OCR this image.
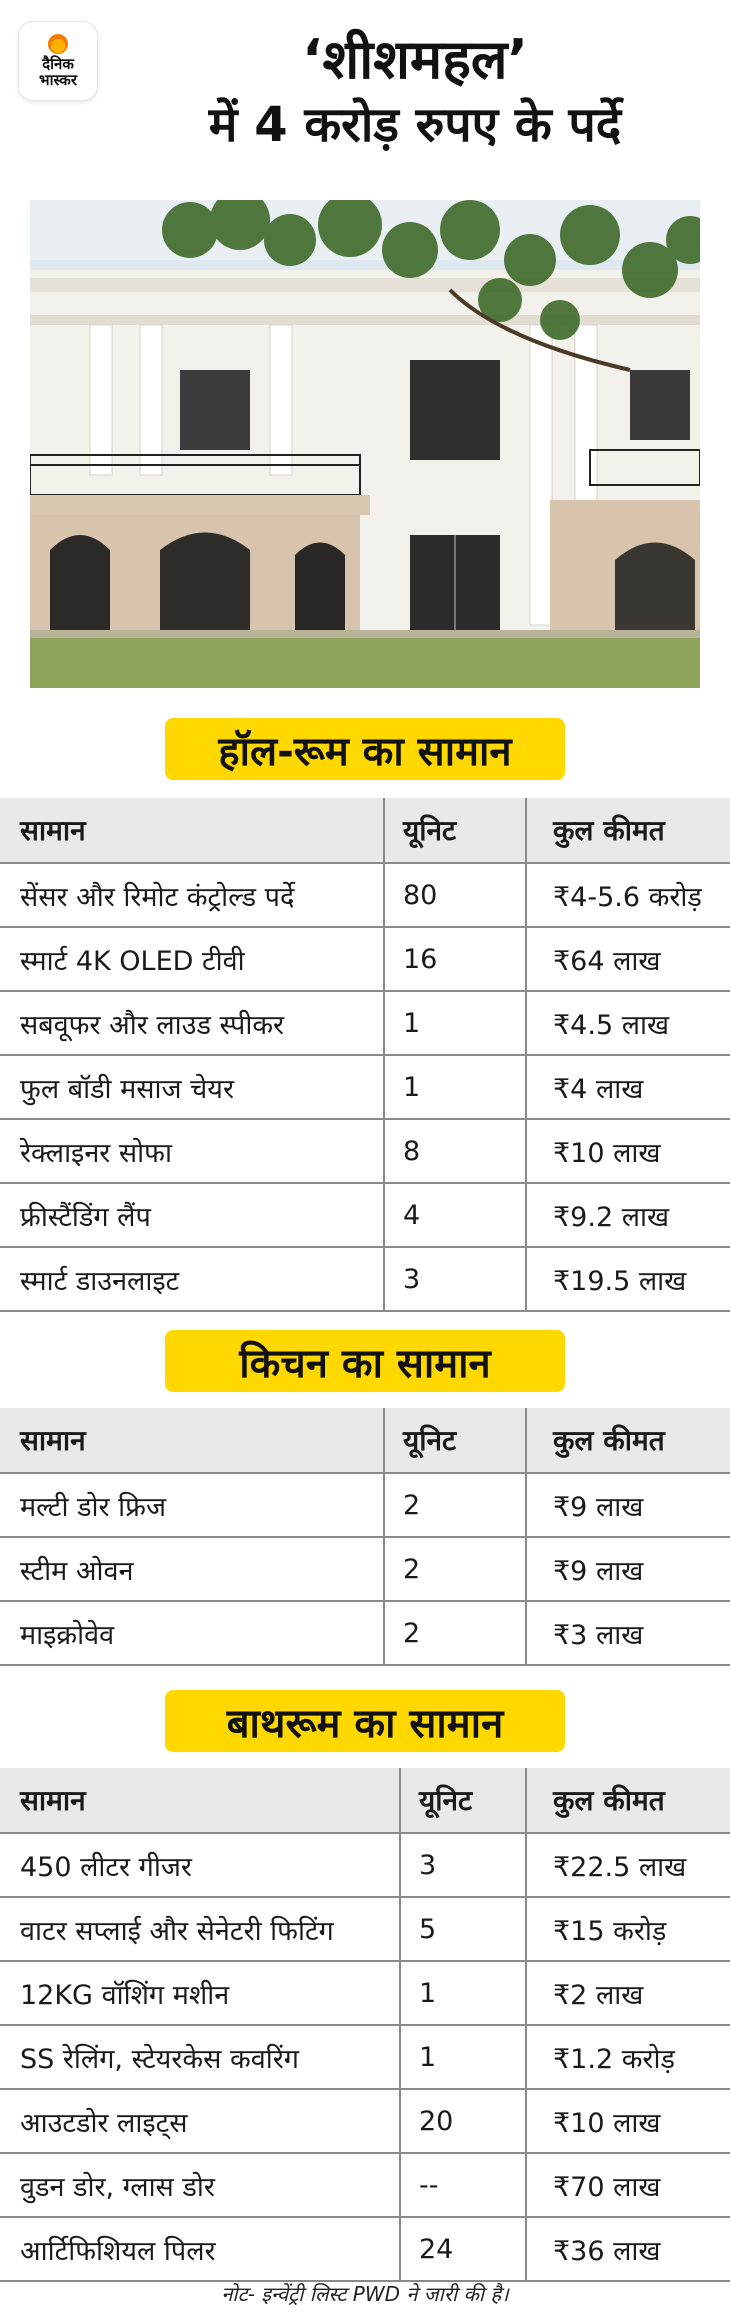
दैनिक
भास्कर	‘शीशमहल’
में 4 करोड़ रुपए के पर्दे
हॉल-रूम का सामान
सामान	यूनिट	कुल कीमत
सेंसर और रिमोट कंट्रोल्ड पर्दे	80	₹4-5.6 करोड़
स्मार्ट 4K OLED टीवी	16	₹64 लाख
सबवूफर और लाउड स्पीकर	1	₹4.5 लाख
फुल बॉडी मसाज चेयर	1	₹4 लाख
रेक्लाइनर सोफा	8	₹10 लाख
फ्रीस्टैंडिंग लैंप	4	₹9.2 लाख
स्मार्ट डाउनलाइट	3	₹19.5 लाख
किचन का सामान
सामान	यूनिट	कुल कीमत
मल्टी डोर फ्रिज	2	₹9 लाख
स्टीम ओवन	2	₹9 लाख
माइक्रोवेव	2	₹3 लाख
बाथरूम का सामान
सामान	यूनिट	कुल कीमत
450 लीटर गीजर	3	₹22.5 लाख
वाटर सप्लाई और सेनेटरी फिटिंग	5	₹15 करोड़
12KG वॉशिंग मशीन	1	₹2 लाख
SS रेलिंग, स्टेयरकेस कवरिंग	1	₹1.2 करोड़
आउटडोर लाइट्स	20	₹10 लाख
वुडन डोर, ग्लास डोर	--	₹70 लाख
आर्टिफिशियल पिलर	24	₹36 लाख
नोट- इन्वेंट्री लिस्ट PWD ने जारी की है।
